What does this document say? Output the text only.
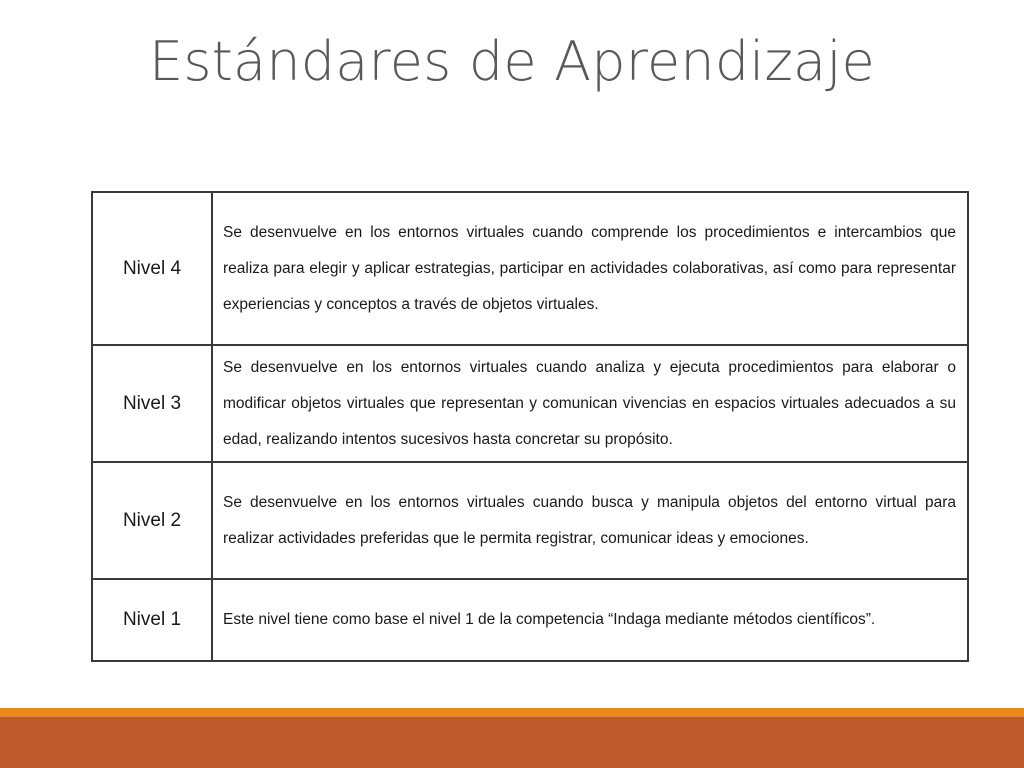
Estándares de Aprendizaje
Nivel 4	Se desenvuelve en los entornos virtuales cuando comprende los procedimientos e intercambios que realiza para elegir y aplicar estrategias, participar en actividades colaborativas, así como para representar experiencias y conceptos a través de objetos virtuales.
Nivel 3	Se desenvuelve en los entornos virtuales cuando analiza y ejecuta procedimientos para elaborar o modificar objetos virtuales que representan y comunican vivencias en espacios virtuales adecuados a su edad, realizando intentos sucesivos hasta concretar su propósito.
Nivel 2	Se desenvuelve en los entornos virtuales cuando busca y manipula objetos del entorno virtual para realizar actividades preferidas que le permita registrar, comunicar ideas y emociones.
Nivel 1	Este nivel tiene como base el nivel 1 de la competencia “Indaga mediante métodos científicos”.
